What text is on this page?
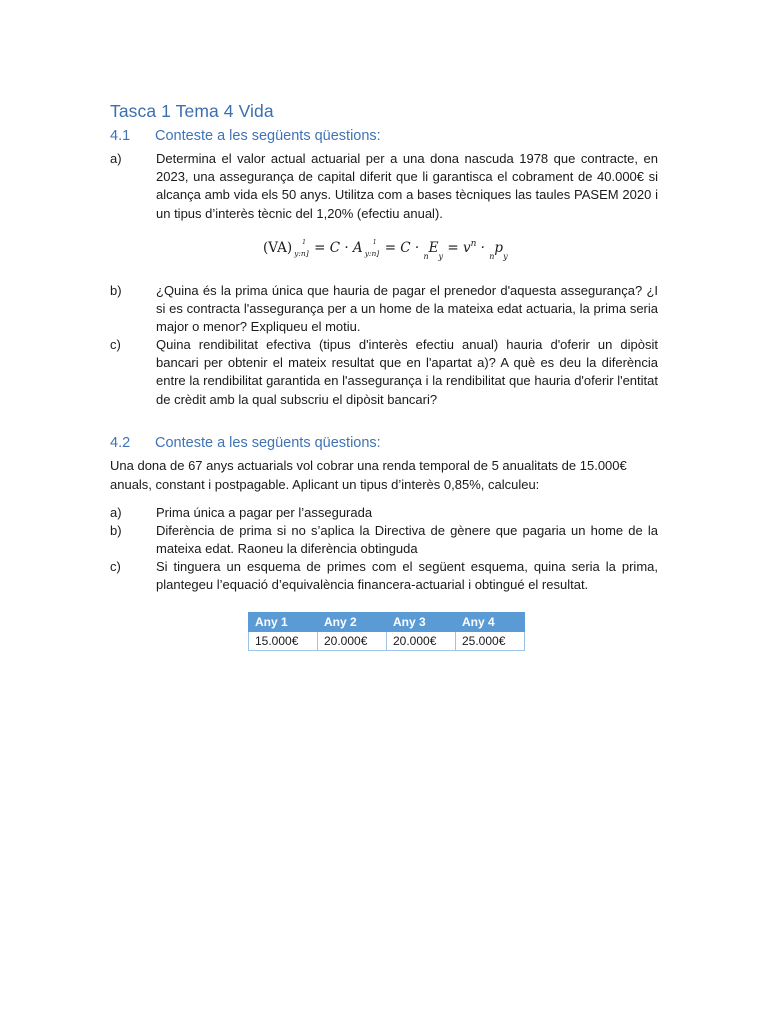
Tasca 1 Tema 4 Vida
4.1 Conteste a les següents qüestions:
a)	Determina el valor actual actuarial per a una dona nascuda 1978 que contracte, en 2023, una assegurança de capital diferit que li garantisca el cobrament de 40.000€ si alcança amb vida els 50 anys. Utilitza com a bases tècniques las taules PASEM 2020 i un tipus d’interès tècnic del 1,20% (efectiu anual).
(VA) 1
y:n] = C · A 1
y:n] = $C \cdot _nE_y = v^n \cdot _np_y$
b)	¿Quina és la prima única que hauria de pagar el prenedor d'aquesta assegurança? ¿I si es contracta l'assegurança per a un home de la mateixa edat actuaria, la prima seria major o menor? Expliqueu el motiu.
c)	Quina rendibilitat efectiva (tipus d'interès efectiu anual) hauria d'oferir un dipòsit bancari per obtenir el mateix resultat que en l'apartat a)? A què es deu la diferència entre la rendibilitat garantida en l'assegurança i la rendibilitat que hauria d'oferir l'entitat de crèdit amb la qual subscriu el dipòsit bancari?
4.2 Conteste a les següents qüestions:
Una dona de 67 anys actuarials vol cobrar una renda temporal de 5 anualitats de 15.000€ anuals, constant i postpagable. Aplicant un tipus d’interès 0,85%, calculeu:
a)	Prima única a pagar per l’assegurada
b)	Diferència de prima si no s’aplica la Directiva de gènere que pagaria un home de la mateixa edat. Raoneu la diferència obtinguda
c)	Si tinguera un esquema de primes com el següent esquema, quina seria la prima, plantegeu l’equació d’equivalència financera-actuarial i obtingué el resultat.
Any 1	Any 2	Any 3	Any 4
15.000€	20.000€	20.000€	25.000€
